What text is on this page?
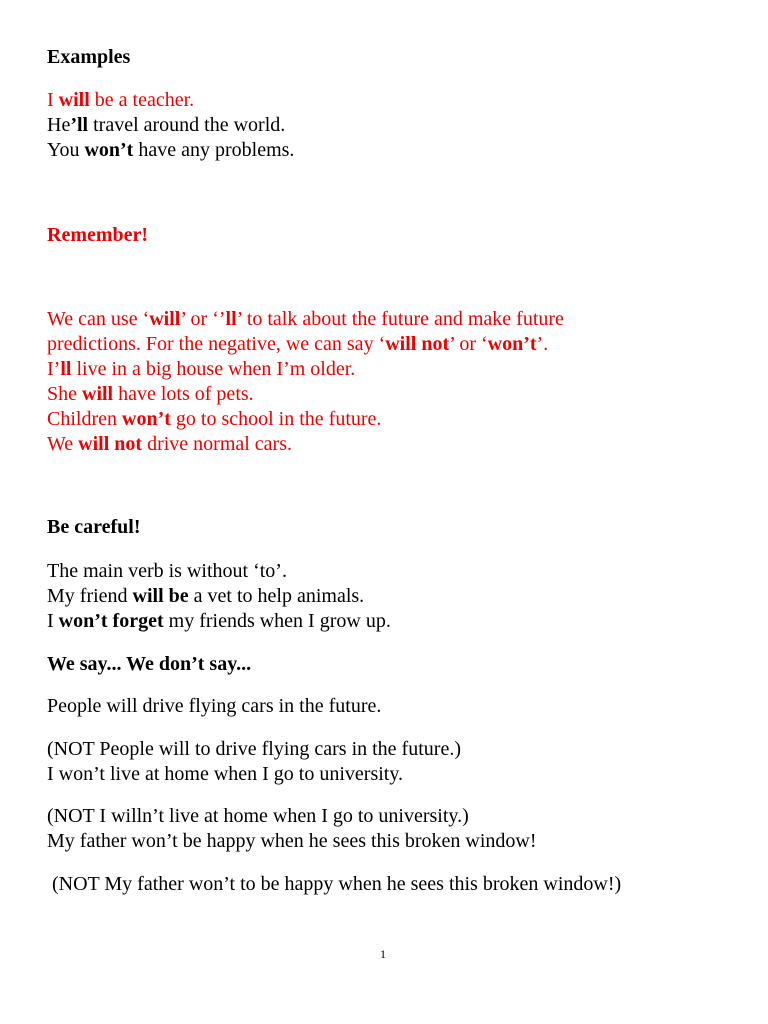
Examples
I will be a teacher.
He’ll travel around the world.
You won’t have any problems.
Remember!
We can use ‘will’ or ‘’ll’ to talk about the future and make future
predictions. For the negative, we can say ‘will not’ or ‘won’t’.
I’ll live in a big house when I’m older.
She will have lots of pets.
Children won’t go to school in the future.
We will not drive normal cars.
Be careful!
The main verb is without ‘to’.
My friend will be a vet to help animals.
I won’t forget my friends when I grow up.
We say... We don’t say...
People will drive flying cars in the future.
(NOT People will to drive flying cars in the future.)
I won’t live at home when I go to university.
(NOT I willn’t live at home when I go to university.)
My father won’t be happy when he sees this broken window!
(NOT My father won’t to be happy when he sees this broken window!)
1
